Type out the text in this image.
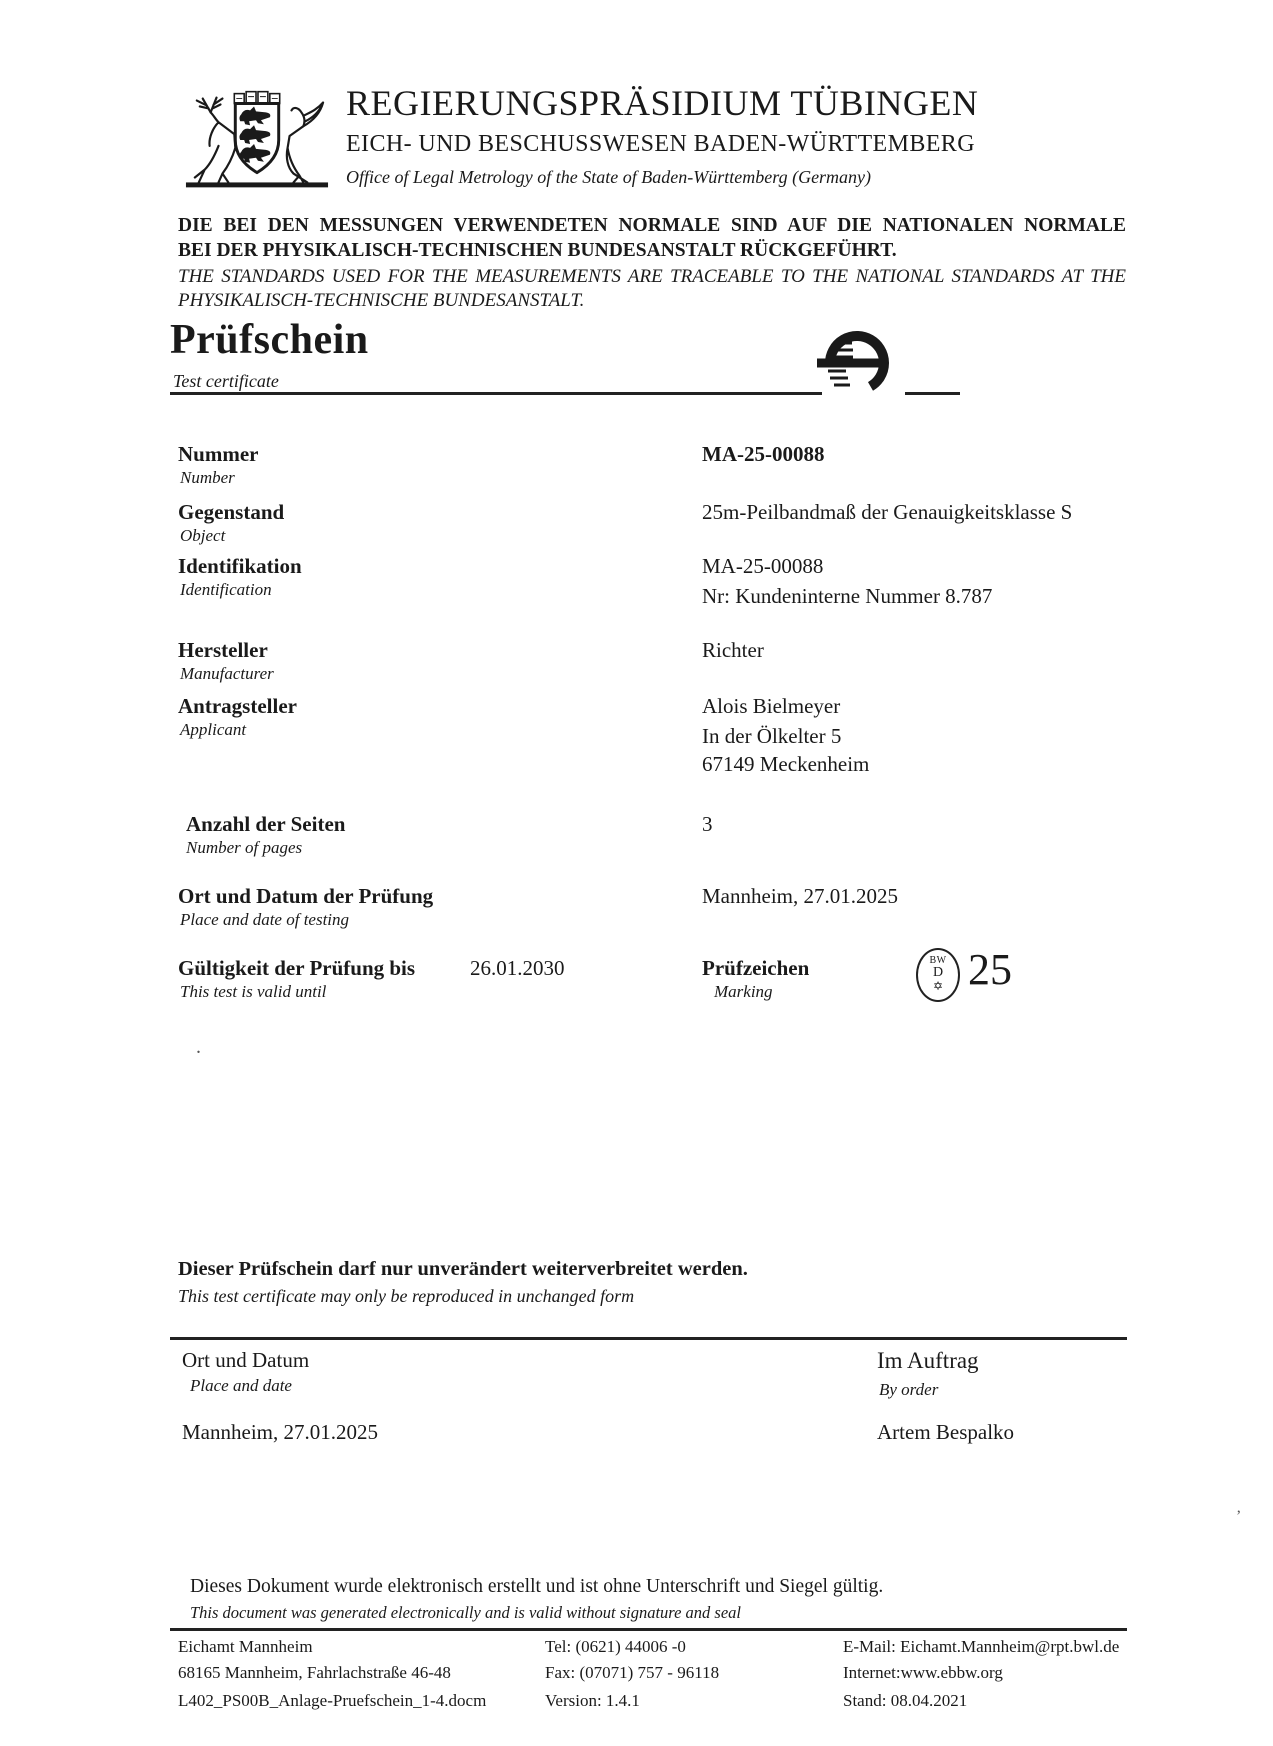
REGIERUNGSPRÄSIDIUM TÜBINGEN
EICH- UND BESCHUSSWESEN BADEN-WÜRTTEMBERG
Office of Legal Metrology of the State of Baden-Württemberg (Germany)
DIE BEI DEN MESSUNGEN VERWENDETEN NORMALE SIND AUF DIE NATIONALEN NORMALE
BEI DER PHYSIKALISCH-TECHNISCHEN BUNDESANSTALT RÜCKGEFÜHRT.
THE STANDARDS USED FOR THE MEASUREMENTS ARE TRACEABLE TO THE NATIONAL STANDARDS AT THE
PHYSIKALISCH-TECHNISCHE BUNDESANSTALT.
Prüfschein
Test certificate
Nummer
Number
MA-25-00088
Gegenstand
Object
25m-Peilbandmaß der Genauigkeitsklasse S
Identifikation
Identification
MA-25-00088
Nr: Kundeninterne Nummer 8.787
Hersteller
Manufacturer
Richter
Antragsteller
Applicant
Alois Bielmeyer
In der Ölkelter 5
67149 Meckenheim
Anzahl der Seiten
Number of pages
3
Ort und Datum der Prüfung
Place and date of testing
Mannheim, 27.01.2025
Gültigkeit der Prüfung bis
This test is valid until
26.01.2030	Prüfzeichen
Marking
BW
D
✡ 25
.
Dieser Prüfschein darf nur unverändert weiterverbreitet werden.
This test certificate may only be reproduced in unchanged form
Ort und Datum
Place and date
Mannheim, 27.01.2025
Im Auftrag
By order
Artem Bespalko
’
Dieses Dokument wurde elektronisch erstellt und ist ohne Unterschrift und Siegel gültig.
This document was generated electronically and is valid without signature and seal
Eichamt Mannheim
68165 Mannheim, Fahrlachstraße 46-48
L402_PS00B_Anlage-Pruefschein_1-4.docm
Tel: (0621) 44006 -0
Fax: (07071) 757 - 96118
Version: 1.4.1
E-Mail: Eichamt.Mannheim@rpt.bwl.de
Internet:www.ebbw.org
Stand: 08.04.2021
